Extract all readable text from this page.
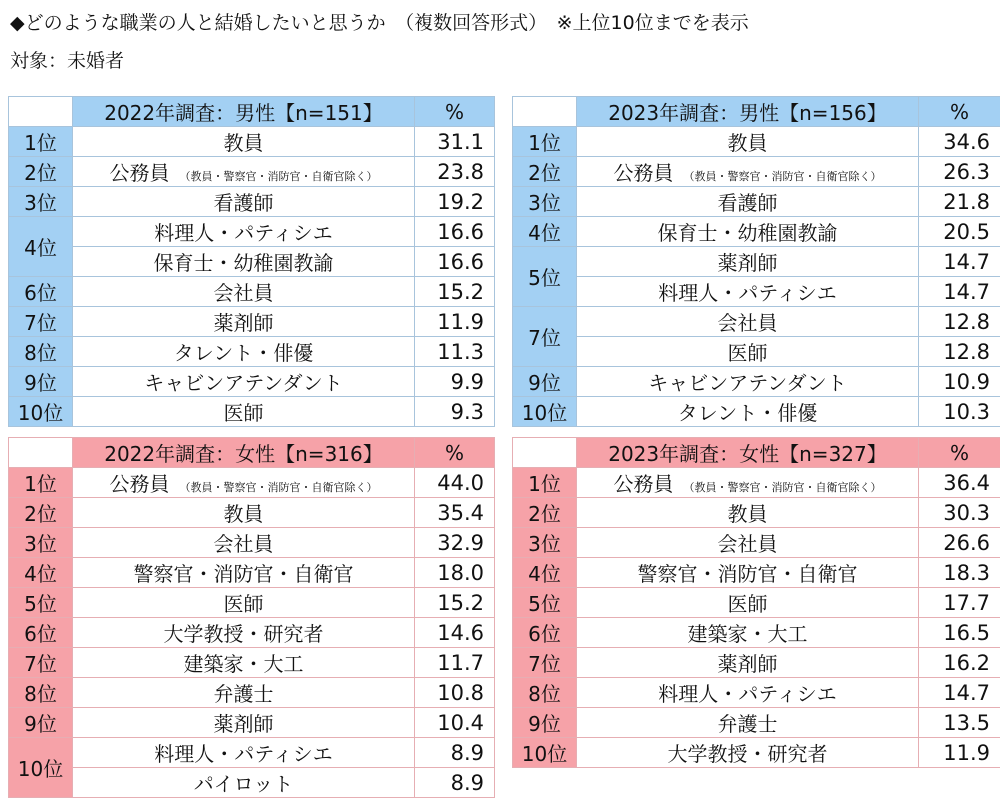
◆どのような職業の人と結婚したいと思うか　（複数回答形式）　※上位10位までを表示
対象：未婚者
	2022年調査：男性【n=151】	%
1位	教員	31.1
2位	公務員 （教員・警察官・消防官・自衛官除く）	23.8
3位	看護師	19.2
4位	料理人・パティシエ	16.6
	保育士・幼稚園教諭	16.6
6位	会社員	15.2
7位	薬剤師	11.9
8位	タレント・俳優	11.3
9位	キャビンアテンダント	9.9
10位	医師	9.3
	2023年調査：男性【n=156】	%
1位	教員	34.6
2位	公務員 （教員・警察官・消防官・自衛官除く）	26.3
3位	看護師	21.8
4位	保育士・幼稚園教諭	20.5
5位	薬剤師	14.7
	料理人・パティシエ	14.7
7位	会社員	12.8
	医師	12.8
9位	キャビンアテンダント	10.9
10位	タレント・俳優	10.3
	2022年調査：女性【n=316】	%
1位	公務員 （教員・警察官・消防官・自衛官除く）	44.0
2位	教員	35.4
3位	会社員	32.9
4位	警察官・消防官・自衛官	18.0
5位	医師	15.2
6位	大学教授・研究者	14.6
7位	建築家・大工	11.7
8位	弁護士	10.8
9位	薬剤師	10.4
10位	料理人・パティシエ	8.9
	パイロット	8.9
	2023年調査：女性【n=327】	%
1位	公務員 （教員・警察官・消防官・自衛官除く）	36.4
2位	教員	30.3
3位	会社員	26.6
4位	警察官・消防官・自衛官	18.3
5位	医師	17.7
6位	建築家・大工	16.5
7位	薬剤師	16.2
8位	料理人・パティシエ	14.7
9位	弁護士	13.5
10位	大学教授・研究者	11.9
